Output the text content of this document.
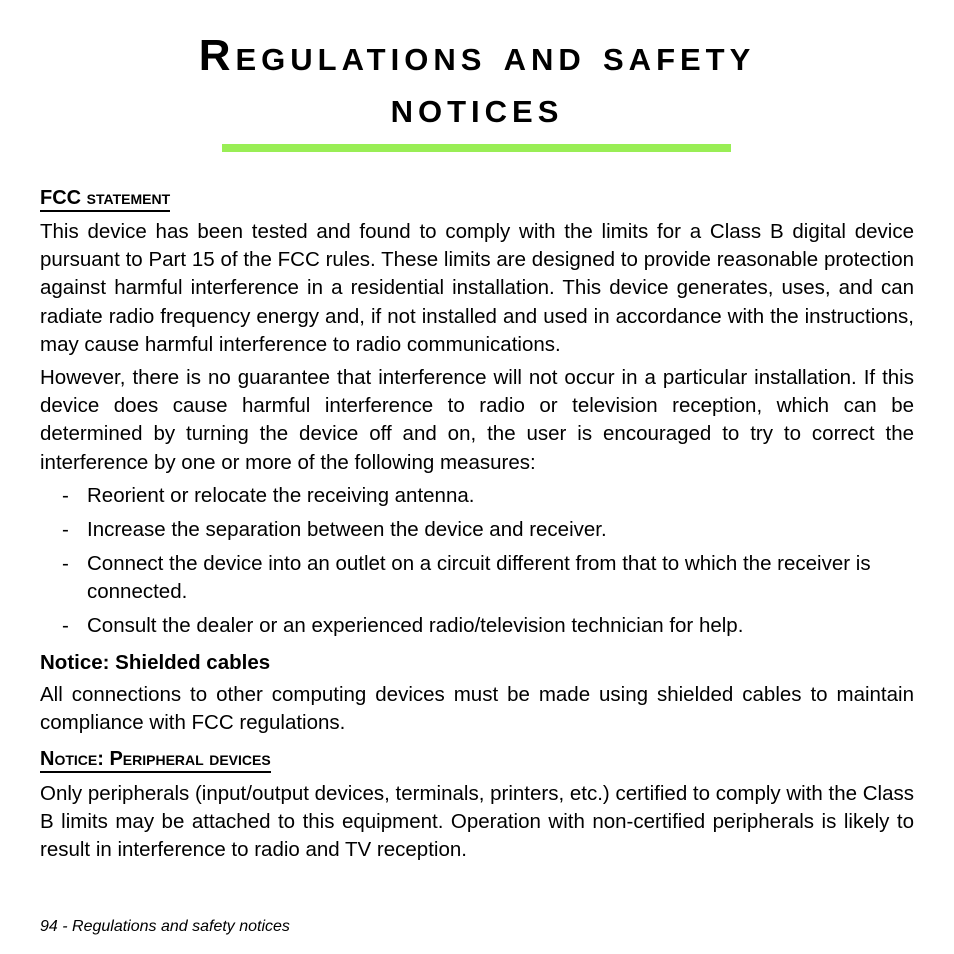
Regulations and safety
notices
FCC statement
This device has been tested and found to comply with the limits for a Class B digital device pursuant to Part 15 of the FCC rules. These limits are designed to provide reasonable protection against harmful interference in a residential installation. This device generates, uses, and can radiate radio frequency energy and, if not installed and used in accordance with the instructions, may cause harmful interference to radio communications.
However, there is no guarantee that interference will not occur in a particular installation. If this device does cause harmful interference to radio or television reception, which can be determined by turning the device off and on, the user is encouraged to try to correct the interference by one or more of the following measures:
- Reorient or relocate the receiving antenna.
- Increase the separation between the device and receiver.
- Connect the device into an outlet on a circuit different from that to which the receiver is connected.
- Consult the dealer or an experienced radio/television technician for help.
Notice: Shielded cables
All connections to other computing devices must be made using shielded cables to maintain compliance with FCC regulations.
Notice: Peripheral devices
Only peripherals (input/output devices, terminals, printers, etc.) certified to comply with the Class B limits may be attached to this equipment. Operation with non-certified peripherals is likely to result in interference to radio and TV reception.
94 - Regulations and safety notices
